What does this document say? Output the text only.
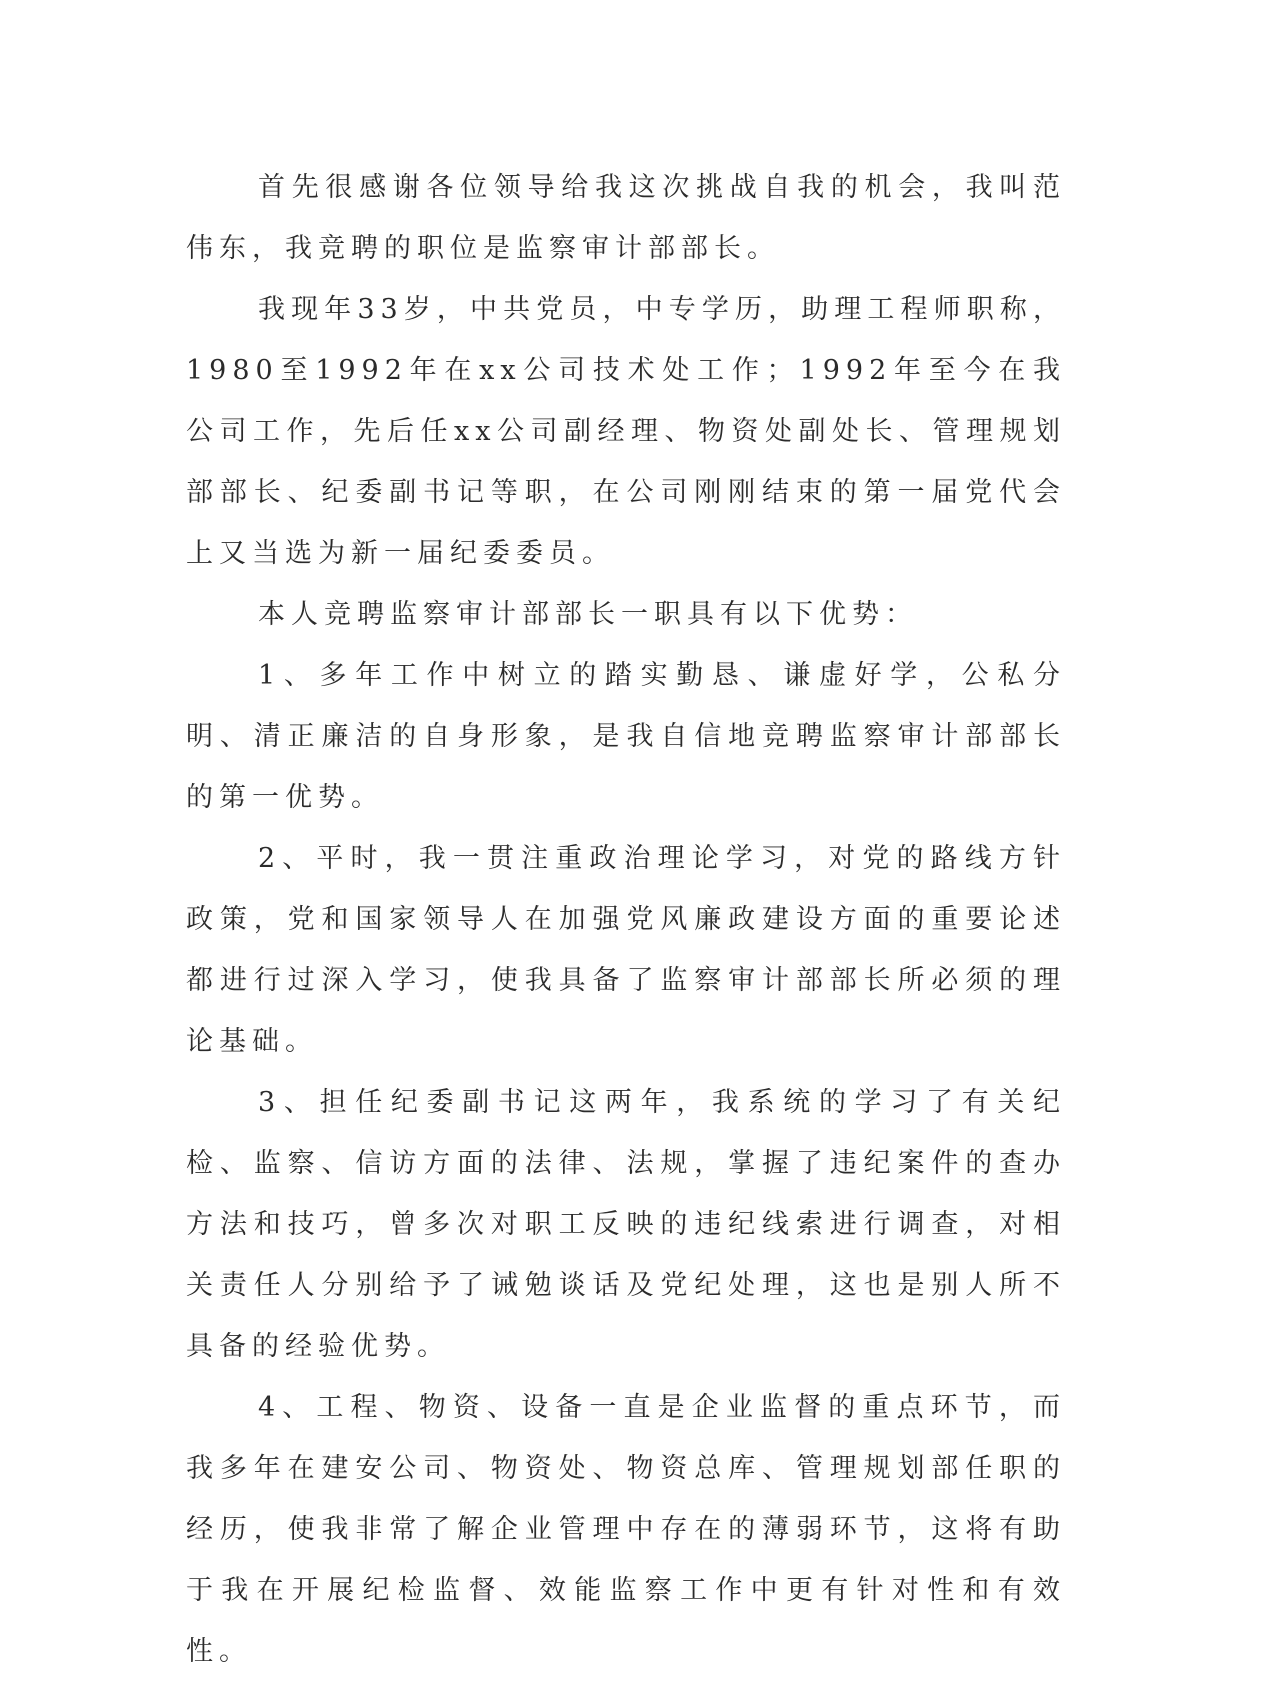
首先很感谢各位领导给我这次挑战自我的机会，我叫范伟东，我竞聘的职位是监察审计部部长。

我现年33岁，中共党员，中专学历，助理工程师职称，1980至1992年在xx公司技术处工作；1992年至今在我公司工作，先后任xx公司副经理、物资处副处长、管理规划部部长、纪委副书记等职，在公司刚刚结束的第一届党代会上又当选为新一届纪委委员。

本人竞聘监察审计部部长一职具有以下优势：

1、多年工作中树立的踏实勤恳、谦虚好学，公私分明、清正廉洁的自身形象，是我自信地竞聘监察审计部部长的第一优势。

2、平时，我一贯注重政治理论学习，对党的路线方针政策，党和国家领导人在加强党风廉政建设方面的重要论述都进行过深入学习，使我具备了监察审计部部长所必须的理论基础。

3、担任纪委副书记这两年，我系统的学习了有关纪检、监察、信访方面的法律、法规，掌握了违纪案件的查办方法和技巧，曾多次对职工反映的违纪线索进行调查，对相关责任人分别给予了诫勉谈话及党纪处理，这也是别人所不具备的经验优势。

4、工程、物资、设备一直是企业监督的重点环节，而我多年在建安公司、物资处、物资总库、管理规划部任职的经历，使我非常了解企业管理中存在的薄弱环节，这将有助于我在开展纪检监督、效能监察工作中更有针对性和有效性。
